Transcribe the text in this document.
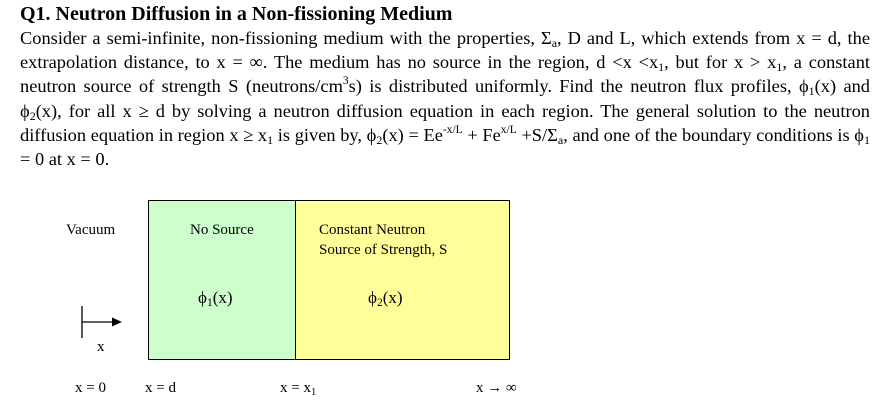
Q1. Neutron Diffusion in a Non-fissioning Medium

Consider a semi-infinite, non-fissioning medium with the properties, $\Sigma_a$, D and L, which extends from x = d, the extrapolation distance, to x = ∞. The medium has no source in the region, $d <x <x_1$, but for $x > x_1$, a constant neutron source of strength S $(neutrons/cm^3s)$ is distributed uniformly. Find the neutron flux profiles, $\phi_1(x)$ and $\phi_2(x)$, for all x ≥ d by solving a neutron diffusion equation in each region. The general solution to the neutron diffusion equation in region $x \ge x_1$ is given by, $\phi_2(x) = Ee^{-x/L} + Fe^{x/L} +S/\Sigma_a$, and one of the boundary conditions is $\phi_1 = 0$ at x = 0.

Vacuum	No Source	Constant Neutron
Source of Strength, S
$\phi_1(x)$	$\phi_2(x)$
x
x = 0	x = d	$x = x_1$	x → ∞
